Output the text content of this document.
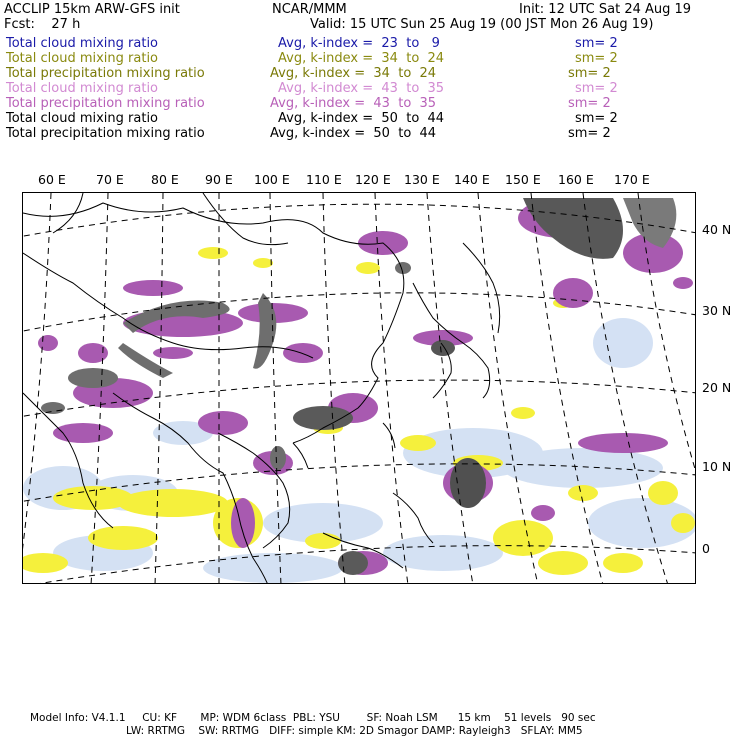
ACCLIP 15km ARW-GFS init	NCAR/MMM	Init: 12 UTC Sat 24 Aug 19
Fcst:    27 h	Valid: 15 UTC Sun 25 Aug 19 (00 JST Mon 26 Aug 19)
Total cloud mixing ratio	Avg, k-index =  23  to   9	sm= 2
Total cloud mixing ratio	Avg, k-index =  34  to  24	sm= 2
Total precipitation mixing ratio	Avg, k-index =  34  to  24	sm= 2
Total cloud mixing ratio	Avg, k-index =  43  to  35	sm= 2
Total precipitation mixing ratio	Avg, k-index =  43  to  35	sm= 2
Total cloud mixing ratio	Avg, k-index =  50  to  44	sm= 2
Total precipitation mixing ratio	Avg, k-index =  50  to  44	sm= 2
60 E 70 E 80 E 90 E 100 E 110 E 120 E 130 E 140 E 150 E 160 E 170 E
40 N
30 N
20 N
10 N
0
Model Info: V4.1.1     CU: KF       MP: WDM 6class  PBL: YSU        SF: Noah LSM      15 km    51 levels   90 sec
LW: RRTMG    SW: RRTMG   DIFF: simple KM: 2D Smagor DAMP: Rayleigh3   SFLAY: MM5
